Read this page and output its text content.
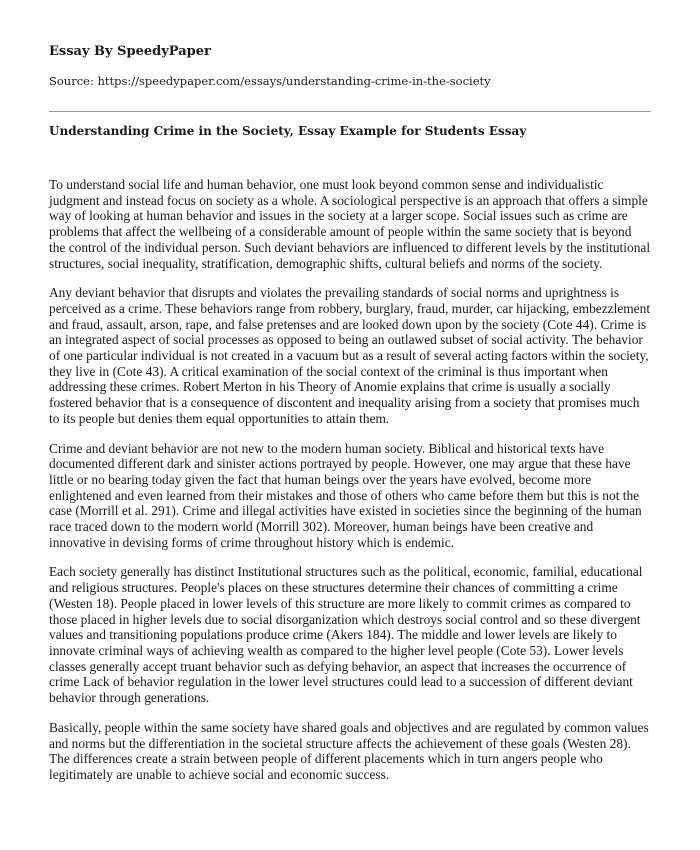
Essay By SpeedyPaper

Source: https://speedypaper.com/essays/understanding-crime-in-the-society

Understanding Crime in the Society, Essay Example for Students Essay

To understand social life and human behavior, one must look beyond common sense and individualistic judgment and instead focus on society as a whole. A sociological perspective is an approach that offers a simple way of looking at human behavior and issues in the society at a larger scope. Social issues such as crime are problems that affect the wellbeing of a considerable amount of people within the same society that is beyond the control of the individual person. Such deviant behaviors are influenced to different levels by the institutional structures, social inequality, stratification, demographic shifts, cultural beliefs and norms of the society.

Any deviant behavior that disrupts and violates the prevailing standards of social norms and uprightness is perceived as a crime. These behaviors range from robbery, burglary, fraud, murder, car hijacking, embezzlement and fraud, assault, arson, rape, and false pretenses and are looked down upon by the society (Cote 44). Crime is an integrated aspect of social processes as opposed to being an outlawed subset of social activity. The behavior of one particular individual is not created in a vacuum but as a result of several acting factors within the society, they live in (Cote 43). A critical examination of the social context of the criminal is thus important when addressing these crimes. Robert Merton in his Theory of Anomie explains that crime is usually a socially fostered behavior that is a consequence of discontent and inequality arising from a society that promises much to its people but denies them equal opportunities to attain them.

Crime and deviant behavior are not new to the modern human society. Biblical and historical texts have documented different dark and sinister actions portrayed by people. However, one may argue that these have little or no bearing today given the fact that human beings over the years have evolved, become more enlightened and even learned from their mistakes and those of others who came before them but this is not the case (Morrill et al. 291). Crime and illegal activities have existed in societies since the beginning of the human race traced down to the modern world (Morrill 302). Moreover, human beings have been creative and innovative in devising forms of crime throughout history which is endemic.

Each society generally has distinct Institutional structures such as the political, economic, familial, educational and religious structures. People's places on these structures determine their chances of committing a crime (Westen 18). People placed in lower levels of this structure are more likely to commit crimes as compared to those placed in higher levels due to social disorganization which destroys social control and so these divergent values and transitioning populations produce crime (Akers 184). The middle and lower levels are likely to innovate criminal ways of achieving wealth as compared to the higher level people (Cote 53). Lower levels classes generally accept truant behavior such as defying behavior, an aspect that increases the occurrence of crime Lack of behavior regulation in the lower level structures could lead to a succession of different deviant behavior through generations.

Basically, people within the same society have shared goals and objectives and are regulated by common values and norms but the differentiation in the societal structure affects the achievement of these goals (Westen 28). The differences create a strain between people of different placements which in turn angers people who legitimately are unable to achieve social and economic success.
